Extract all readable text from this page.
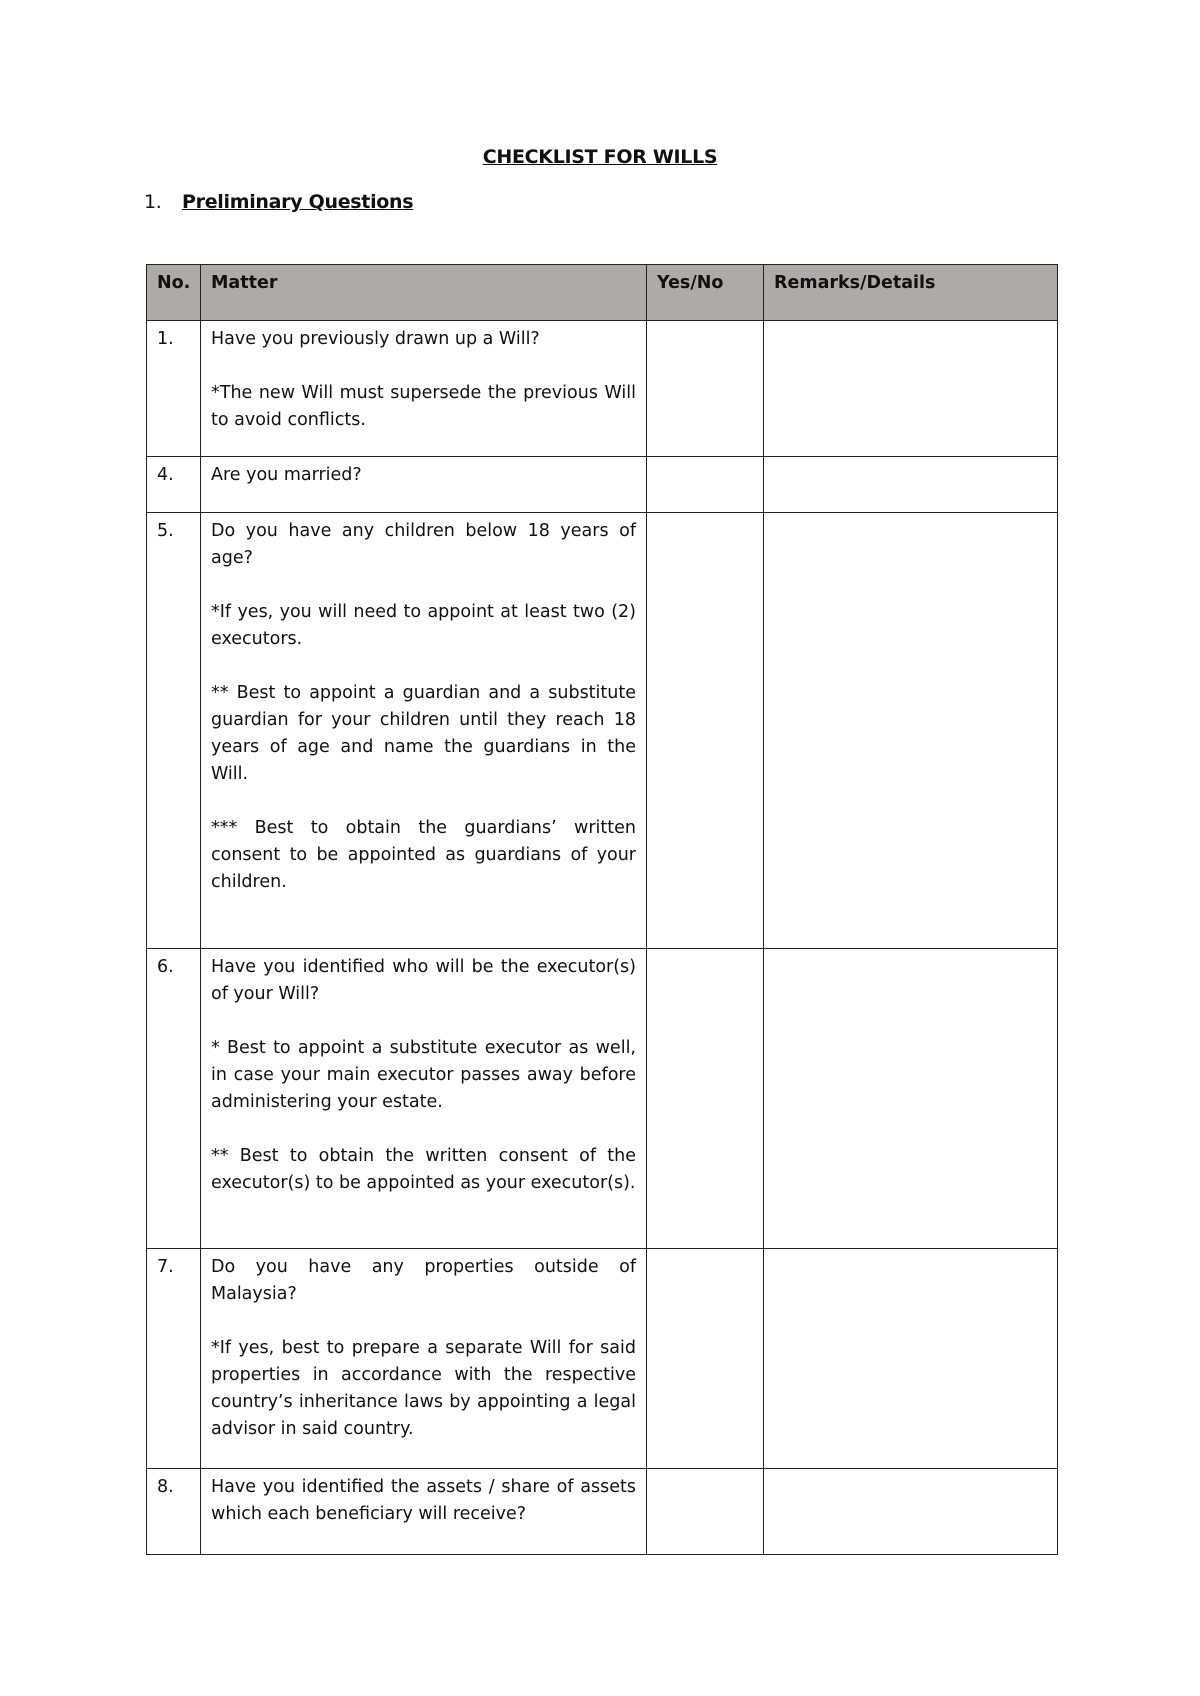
CHECKLIST FOR WILLS
1. Preliminary Questions
No.	Matter	Yes/No	Remarks/Details
1.	Have you previously drawn up a Will?

*The new Will must supersede the previous Will to avoid conflicts.		

4.	Are you married?		

5.	Do you have any children below 18 years of age?

*If yes, you will need to appoint at least two (2) executors.

** Best to appoint a guardian and a substitute guardian for your children until they reach 18 years of age and name the guardians in the Will.

*** Best to obtain the guardians’ written consent to be appointed as guardians of your children.		

6.	Have you identified who will be the executor(s) of your Will?

* Best to appoint a substitute executor as well, in case your main executor passes away before administering your estate.

** Best to obtain the written consent of the executor(s) to be appointed as your executor(s).		

7.	Do you have any properties outside of Malaysia?

*If yes, best to prepare a separate Will for said properties in accordance with the respective country’s inheritance laws by appointing a legal advisor in said country.		

8.	Have you identified the assets / share of assets which each beneficiary will receive?		
